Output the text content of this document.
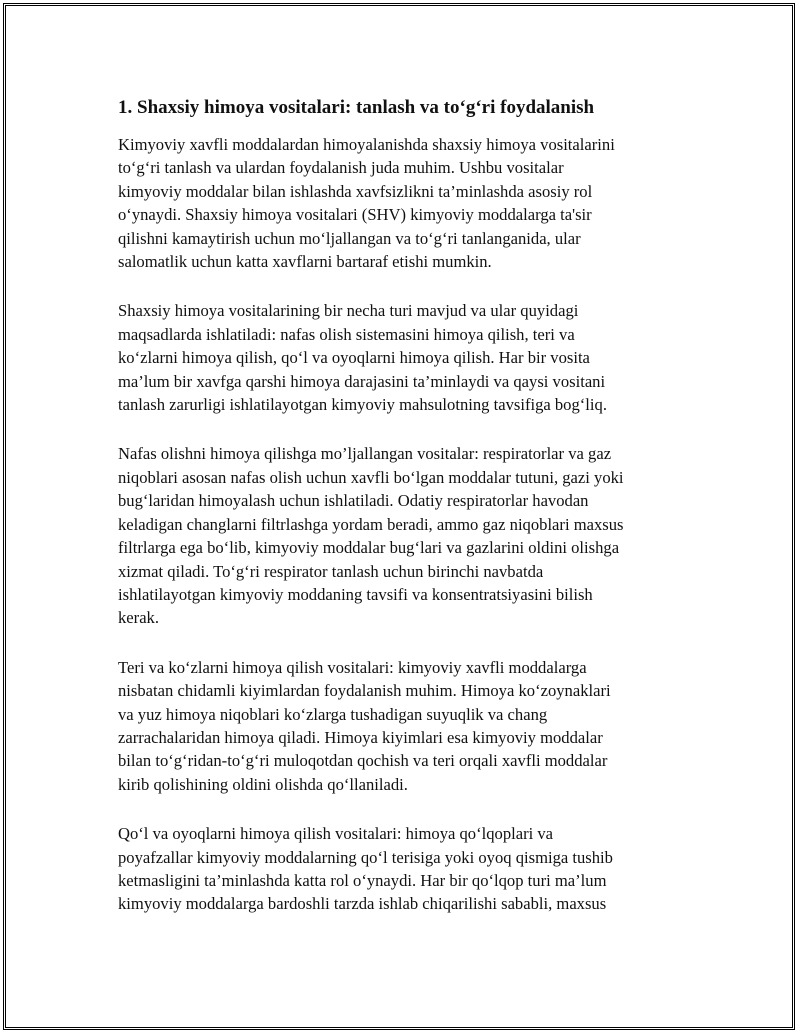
1. Shaxsiy himoya vositalari: tanlash va to‘g‘ri foydalanish

Kimyoviy xavfli moddalardan himoyalanishda shaxsiy himoya vositalarini
to‘g‘ri tanlash va ulardan foydalanish juda muhim. Ushbu vositalar
kimyoviy moddalar bilan ishlashda xavfsizlikni ta’minlashda asosiy rol
o‘ynaydi. Shaxsiy himoya vositalari (SHV) kimyoviy moddalarga ta'sir
qilishni kamaytirish uchun mo‘ljallangan va to‘g‘ri tanlanganida, ular
salomatlik uchun katta xavflarni bartaraf etishi mumkin.

Shaxsiy himoya vositalarining bir necha turi mavjud va ular quyidagi
maqsadlarda ishlatiladi: nafas olish sistemasini himoya qilish, teri va
ko‘zlarni himoya qilish, qo‘l va oyoqlarni himoya qilish. Har bir vosita
ma’lum bir xavfga qarshi himoya darajasini ta’minlaydi va qaysi vositani
tanlash zarurligi ishlatilayotgan kimyoviy mahsulotning tavsifiga bog‘liq.

Nafas olishni himoya qilishga mo’ljallangan vositalar: respiratorlar va gaz
niqoblari asosan nafas olish uchun xavfli bo‘lgan moddalar tutuni, gazi yoki
bug‘laridan himoyalash uchun ishlatiladi. Odatiy respiratorlar havodan
keladigan changlarni filtrlashga yordam beradi, ammo gaz niqoblari maxsus
filtrlarga ega bo‘lib, kimyoviy moddalar bug‘lari va gazlarini oldini olishga
xizmat qiladi. To‘g‘ri respirator tanlash uchun birinchi navbatda
ishlatilayotgan kimyoviy moddaning tavsifi va konsentratsiyasini bilish
kerak.

Teri va ko‘zlarni himoya qilish vositalari: kimyoviy xavfli moddalarga
nisbatan chidamli kiyimlardan foydalanish muhim. Himoya ko‘zoynaklari
va yuz himoya niqoblari ko‘zlarga tushadigan suyuqlik va chang
zarrachalaridan himoya qiladi. Himoya kiyimlari esa kimyoviy moddalar
bilan to‘g‘ridan-to‘g‘ri muloqotdan qochish va teri orqali xavfli moddalar
kirib qolishining oldini olishda qo‘llaniladi.

Qo‘l va oyoqlarni himoya qilish vositalari: himoya qo‘lqoplari va
poyafzallar kimyoviy moddalarning qo‘l terisiga yoki oyoq qismiga tushib
ketmasligini ta’minlashda katta rol o‘ynaydi. Har bir qo‘lqop turi ma’lum
kimyoviy moddalarga bardoshli tarzda ishlab chiqarilishi sababli, maxsus
